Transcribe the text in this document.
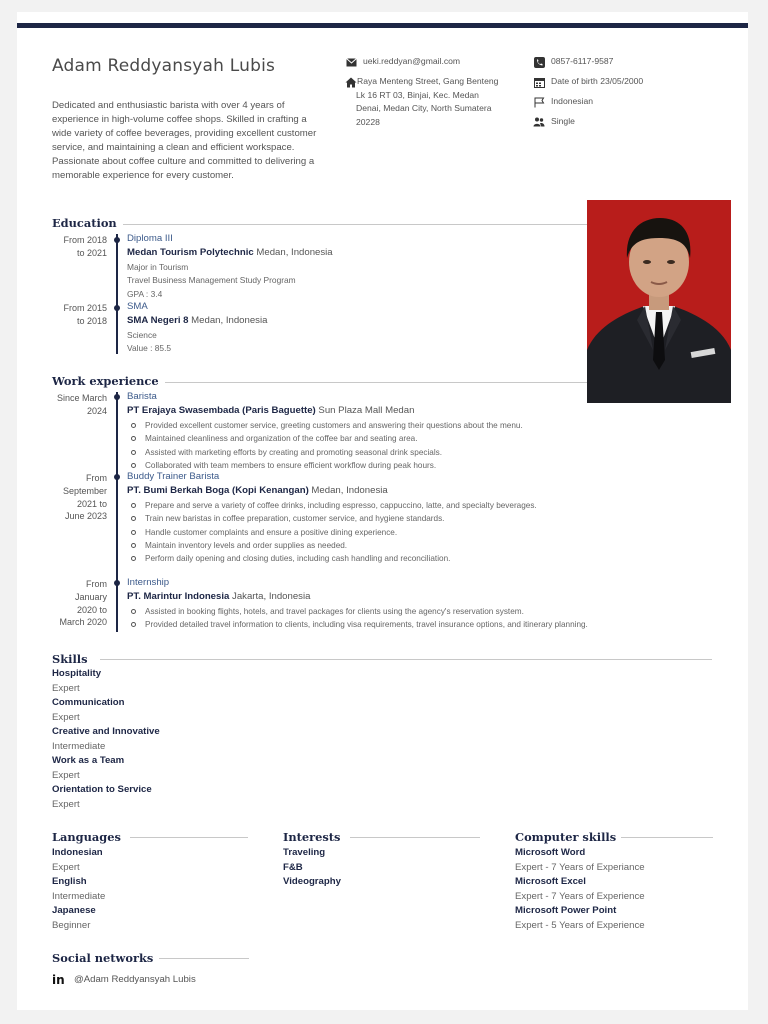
Adam Reddyansyah Lubis
Dedicated and enthusiastic barista with over 4 years of experience in high-volume coffee shops. Skilled in crafting a wide variety of coffee beverages, providing excellent customer service, and maintaining a clean and efficient workspace. Passionate about coffee culture and committed to delivering a memorable experience for every customer.
ueki.reddyan@gmail.com
Raya Menteng Street, Gang Benteng
Lk 16 RT 03, Binjai, Kec. Medan
Denai, Medan City, North Sumatera
20228
0857-6117-9587
Date of birth 23/05/2000
Indonesian
Single
Education
From 2018
to 2021
Diploma III
Medan Tourism Polytechnic Medan, Indonesia
Major in Tourism
Travel Business Management Study Program
GPA : 3.4
From 2015
to 2018
SMA
SMA Negeri 8 Medan, Indonesia
Science
Value : 85.5
Work experience
Since March
2024
Barista
PT Erajaya Swasembada (Paris Baguette) Sun Plaza Mall Medan
Provided excellent customer service, greeting customers and answering their questions about the menu.
Maintained cleanliness and organization of the coffee bar and seating area.
Assisted with marketing efforts by creating and promoting seasonal drink specials.
Collaborated with team members to ensure efficient workflow during peak hours.
From
September
2021 to
June 2023
Buddy Trainer Barista
PT. Bumi Berkah Boga (Kopi Kenangan) Medan, Indonesia
Prepare and serve a variety of coffee drinks, including espresso, cappuccino, latte, and specialty beverages.
Train new baristas in coffee preparation, customer service, and hygiene standards.
Handle customer complaints and ensure a positive dining experience.
Maintain inventory levels and order supplies as needed.
Perform daily opening and closing duties, including cash handling and reconciliation.
From
January
2020 to
March 2020
Internship
PT. Marintur Indonesia Jakarta, Indonesia
Assisted in booking flights, hotels, and travel packages for clients using the agency's reservation system.
Provided detailed travel information to clients, including visa requirements, travel insurance options, and itinerary planning.
Skills
Hospitality
Expert
Communication
Expert
Creative and Innovative
Intermediate
Work as a Team
Expert
Orientation to Service
Expert
Languages
Indonesian
Expert
English
Intermediate
Japanese
Beginner
Interests
Traveling
F&B
Videography
Computer skills
Microsoft Word
Expert - 7 Years of Experiance
Microsoft Excel
Expert - 7 Years of Experience
Microsoft Power Point
Expert - 5 Years of Experience
Social networks
in @Adam Reddyansyah Lubis
